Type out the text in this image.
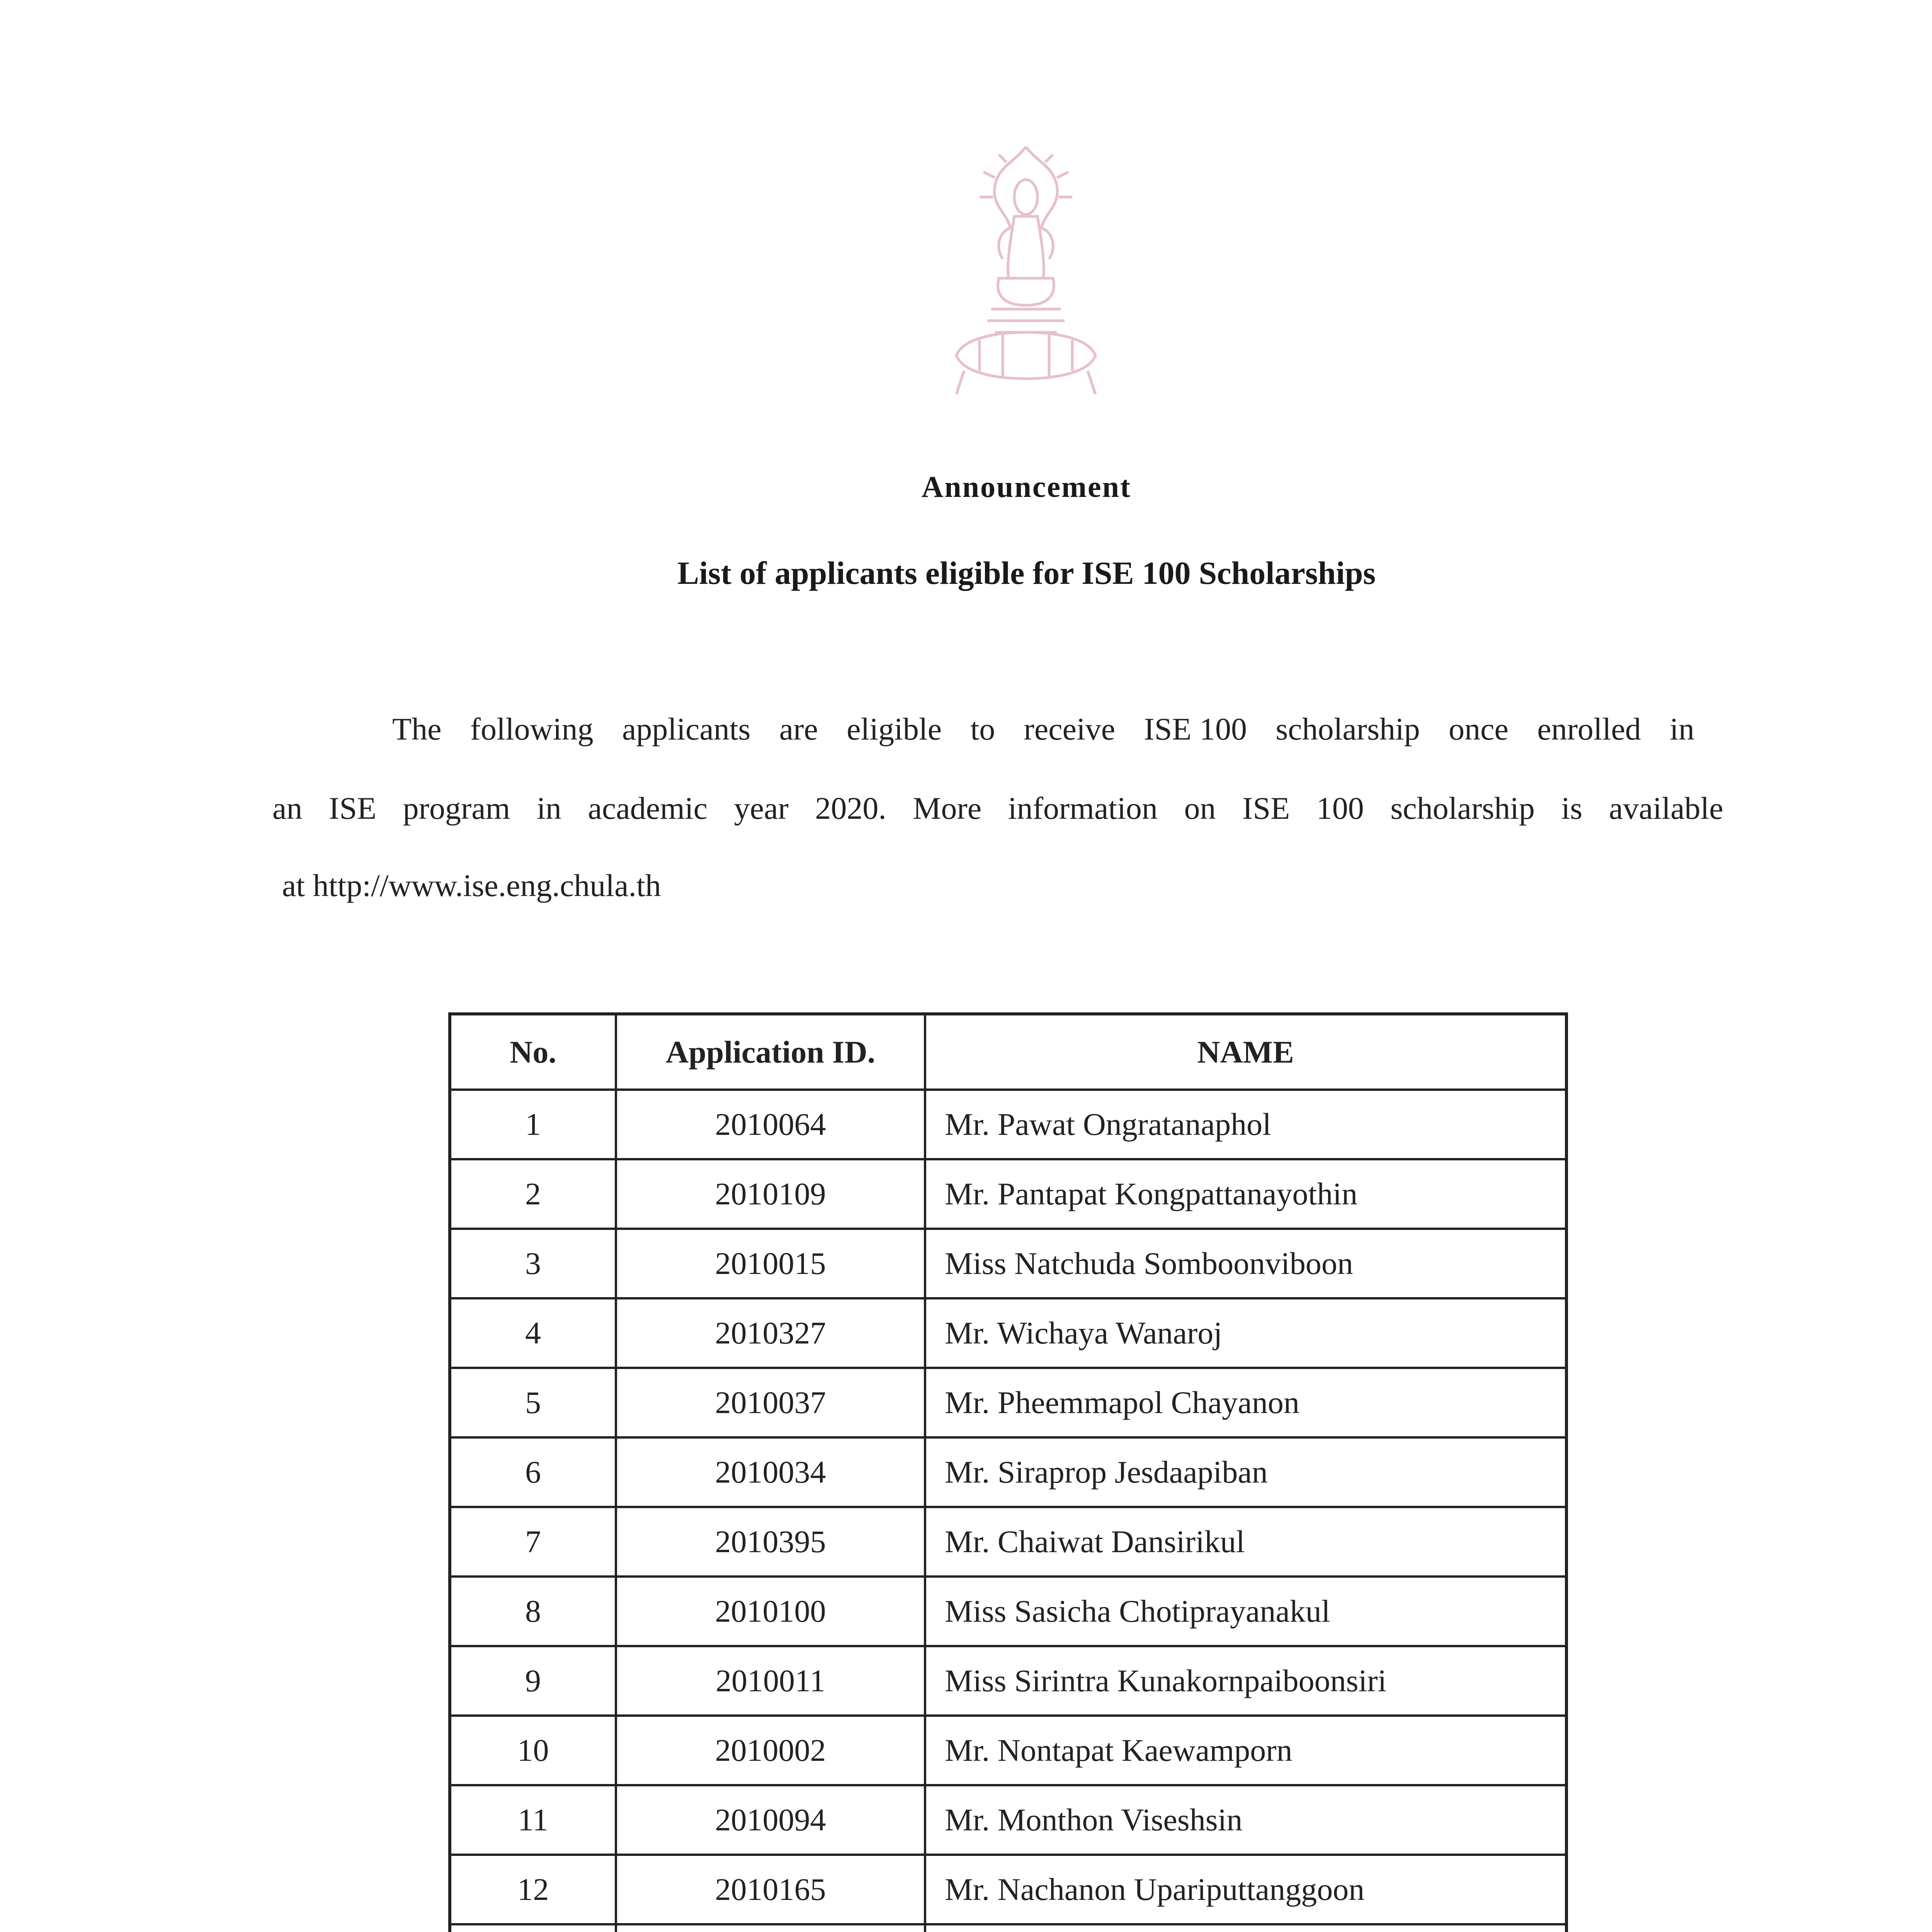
Announcement
List of applicants eligible for ISE 100 Scholarships
The following applicants are eligible to receive ISE 100 scholarship once enrolled in
an ISE program in academic year 2020. More information on ISE 100 scholarship is available
at http://www.ise.eng.chula.th
No.	Application ID.	NAME
1	2010064	Mr. Pawat Ongratanaphol
2	2010109	Mr. Pantapat Kongpattanayothin
3	2010015	Miss Natchuda Somboonviboon
4	2010327	Mr. Wichaya Wanaroj
5	2010037	Mr. Pheemmapol Chayanon
6	2010034	Mr. Siraprop Jesdaapiban
7	2010395	Mr. Chaiwat Dansirikul
8	2010100	Miss Sasicha Chotiprayanakul
9	2010011	Miss Sirintra Kunakornpaiboonsiri
10	2010002	Mr. Nontapat Kaewamporn
11	2010094	Mr. Monthon Viseshsin
12	2010165	Mr. Nachanon Upariputtanggoon
